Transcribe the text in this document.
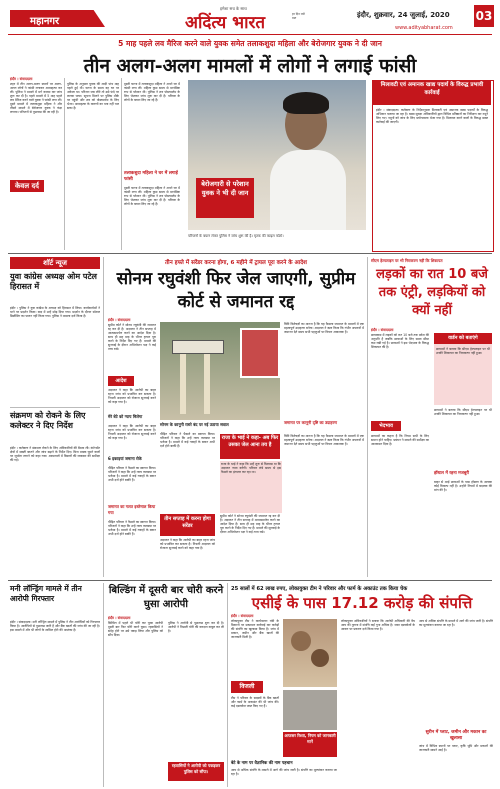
महानगर
हमेशा सच के साथ
अदिंत्य भारत	हर दिन नयी बात	इंदौर, शुक्रवार, 24 जुलाई, 2020 03
www.adityabharat.com
5 माह पहले लव मैरिज करने वाले युवक समेत तलाकशुदा महिला और बेरोजगार युवक ने दी जान
तीन अलग-अलग मामलों में लोगों ने लगाई फांसी
इंदौर । संवाददाता
शहर में तीन अलग-अलग स्थानों पर अलग-अलग लोगों ने फांसी लगाकर आत्महत्या कर ली। पुलिस ने मामले में मर्ग कायम कर जांच शुरू कर दी है। पहले मामले में 5 माह पहले लव मैरिज करने वाले युवक ने फांसी लगा ली। दूसरे मामले में तलाकशुदा महिला ने और तीसरे मामले में बेरोजगार युवक ने फंदा लगाया। परिजनों से पूछताछ की जा रही है।
केवल दर्द
पुलिस के अनुसार युवक की शादी पांच माह पहले हुई थी। घटना के समय वह घर पर अकेला था। परिजन जब लौटे तो उसे फंदे पर लटका पाया। सूचना मिलने पर पुलिस मौके पर पहुंची और शव को पोस्टमार्टम के लिए भेजा। आत्महत्या के कारणों का पता नहीं चल सका है।
दूसरी घटना में तलाकशुदा महिला ने अपने घर में फांसी लगा ली। महिला कुछ समय से मानसिक रूप से परेशान थी। पुलिस ने शव पोस्टमार्टम के लिए भेजकर जांच शुरू कर दी है। परिवार के लोगों के बयान लिए जा रहे हैं।
तलाकशुदा महिला ने घर में लगाई फांसी
दूसरी घटना में तलाकशुदा महिला ने अपने घर में फांसी लगा ली। महिला कुछ समय से मानसिक रूप से परेशान थी। पुलिस ने शव पोस्टमार्टम के लिए भेजकर जांच शुरू कर दी है। परिवार के लोगों के बयान लिए जा रहे हैं।
बेरोजगारी से परेशान युवक ने भी दी जान
परिजनों के बयान लेकर पुलिस ने जांच शुरू की है। मृतक की फाइल फोटो।
मिलावटी एवं अमानक खाद्य पदार्थ के विरुद्ध प्रभावी कार्रवाई
इंदौर । संवाददाता। कलेक्टर के निर्देशानुसार मिलावटी एवं अमानक खाद्य पदार्थों के विरुद्ध अभियान चलाया जा रहा है। खाद्य सुरक्षा अधिकारियों द्वारा विभिन्न प्रतिष्ठानों का निरीक्षण कर नमूने लिए गए। नमूनों को जांच के लिए प्रयोगशाला भेजा गया है। मिलावट करने वालों के विरुद्ध सख्त कार्रवाई की जाएगी।
शॉर्ट न्यूज
युवा कांग्रेस अध्यक्ष ओम पटेल हिरासत में
इंदौर । पुलिस ने युवा कांग्रेस के अध्यक्ष को हिरासत में लिया। कार्यकर्ताओं ने थाने पर प्रदर्शन किया। बाद में उन्हें छोड़ दिया गया। प्रदर्शन के दौरान सोशल डिस्टेंसिंग का पालन नहीं किया गया। पुलिस ने मामला दर्ज किया है।
संक्रमण को रोकने के लिए कलेक्टर ने दिए निर्देश
इंदौर । कलेक्टर ने संक्रमण रोकने के लिए अधिकारियों की बैठक ली। कंटेनमेंट क्षेत्रों में सख्ती बरतने और जांच बढ़ाने के निर्देश दिए। बिना मास्क घूमने वालों पर जुर्माना लगाने को कहा गया। अस्पतालों में बिस्तरों की व्यवस्था की समीक्षा की गई।
तीन हफ्ते में सरेंडर करना होगा, 6 महीने में ट्रायल पूरा करने के आदेश
सोनम रघुवंशी फिर जेल जाएगी, सुप्रीम कोर्ट से जमानत रद्द
इंदौर । संवाददाता
सुप्रीम कोर्ट ने सोनम रघुवंशी की जमानत रद्द कर दी है। अदालत ने तीन सप्ताह में आत्मसमर्पण करने का आदेश दिया है। साथ ही छह माह के भीतर ट्रायल पूरा करने के निर्देश दिए गए हैं। मामले की सुनवाई के दौरान अभियोजन पक्ष ने कई तथ्य रखे।
आदेश
अदालत ने कहा कि आरोपी का बाहर रहना जांच को प्रभावित कर सकता है। निचली अदालत को रोजाना सुनवाई करने को कहा गया है।
मेरे बेटे को न्याय मिलेगा
अदालत ने कहा कि आरोपी का बाहर रहना जांच को प्रभावित कर सकता है। निचली अदालत को रोजाना सुनवाई करने को कहा गया है।
6 इकाइयां जमाना रोके
पीड़ित परिवार ने फैसले का स्वागत किया। परिजनों ने कहा कि उन्हें न्याय व्यवस्था पर भरोसा है। मामले में कई गवाहों के बयान अभी दर्ज होने बाकी हैं।
जमानत का गलत इस्तेमाल किया गया
पीड़ित परिवार ने फैसले का स्वागत किया। परिजनों ने कहा कि उन्हें न्याय व्यवस्था पर भरोसा है। मामले में कई गवाहों के बयान अभी दर्ज होने बाकी हैं।
सोनम के कानूनी रास्ते बंद पर नई उठाया सवाल	जमानत पर कानूनी दृष्टि का उदाहरण
विधि विशेषज्ञों का मानना है कि यह फैसला जमानत के मामलों में एक महत्वपूर्ण उदाहरण बनेगा। अदालत ने स्पष्ट किया कि गंभीर अपराधों में जमानत देते समय सभी पहलुओं पर विचार आवश्यक है।
विधि विशेषज्ञों का मानना है कि यह फैसला जमानत के मामलों में एक महत्वपूर्ण उदाहरण बनेगा। अदालत ने स्पष्ट किया कि गंभीर अपराधों में जमानत देते समय सभी पहलुओं पर विचार आवश्यक है।
पीड़ित परिवार ने फैसले का स्वागत किया। परिजनों ने कहा कि उन्हें न्याय व्यवस्था पर भरोसा है। मामले में कई गवाहों के बयान अभी दर्ज होने बाकी हैं।
तीन सप्ताह में करना होगा सरेंडर
अदालत ने कहा कि आरोपी का बाहर रहना जांच को प्रभावित कर सकता है। निचली अदालत को रोजाना सुनवाई करने को कहा गया है।
राजा के भाई ने कहा- अब फिर उसका जेल आना तय है
राजा के भाई ने कहा कि उन्हें शुरू से विश्वास था कि अदालत न्याय करेगी। परिवार लंबे समय से इस फैसले का इंतजार कर रहा था।
सुप्रीम कोर्ट ने सोनम रघुवंशी की जमानत रद्द कर दी है। अदालत ने तीन सप्ताह में आत्मसमर्पण करने का आदेश दिया है। साथ ही छह माह के भीतर ट्रायल पूरा करने के निर्देश दिए गए हैं। मामले की सुनवाई के दौरान अभियोजन पक्ष ने कई तथ्य रखे।
सीएम हेल्पलाइन पर भी निराकरण नहीं कि शिकायत
लड़कों का रात 10 बजे तक एंट्री, लड़कियों को क्यों नहीं
इंदौर । संवाददाता
छात्रावास में लड़कों को रात 10 बजे तक प्रवेश की अनुमति है जबकि छात्राओं के लिए समय सीमा कम रखी गई है। छात्राओं ने इस भेदभाव के विरुद्ध शिकायत की है।
भेदभाव
छात्राओं का कहना है कि नियम सभी के लिए समान होने चाहिए। प्रबंधन ने मामले की समीक्षा का आश्वासन दिया है।
वार्डन को बताएंगे
छात्राओं ने बताया कि सीएम हेल्पलाइन पर भी उनकी शिकायत का निराकरण नहीं हुआ।
छात्राओं ने बताया कि सीएम हेल्पलाइन पर भी उनकी शिकायत का निराकरण नहीं हुआ।
हॉस्टल में रहना मजबूरी
बाहर से आई छात्राओं के पास हॉस्टल के अलावा कोई विकल्प नहीं है। उन्होंने नियमों में बदलाव की मांग की है।
मनी लॉन्ड्रिंग मामले में तीन आरोपी गिरफ्तार
इंदौर । संवाददाता। मनी लॉन्ड्रिंग मामले में पुलिस ने तीन आरोपियों को गिरफ्तार किया है। आरोपियों से पूछताछ जारी है और बैंक खातों की जांच की जा रही है। इस मामले में और भी लोगों के शामिल होने की आशंका है।
बिल्डिंग में दूसरी बार चोरी करने घुसा आरोपी
इंदौर । संवाददाता
बिल्डिंग में पहले भी चोरी कर चुका आरोपी दूसरी बार फिर चोरी करने घुसा। रहवासियों ने संदेह होने पर उसे पकड़ लिया और पुलिस को सौंप दिया।
पुलिस ने आरोपी से पूछताछ शुरू कर दी है। आरोपी ने पिछली चोरी की वारदात कबूल कर ली है।
रहवासियों ने आरोपी को पकड़कर पुलिस को सौंपा।
25 सालों में 62 लाख रुपए, लोकायुक्त टीम ने परिवार और फार्म के अकाउंट तक किया चेक
एसीई के पास 17.12 करोड़ की संपत्ति
इंदौर । संवाददाता
लोकायुक्त टीम ने कार्यपालन यंत्री के ठिकानों पर छापामार कार्रवाई कर करोड़ों की संपत्ति का खुलासा किया है। जांच में मकान, जमीन और बैंक खातों की जानकारी मिली है।
विजली
टीम ने परिवार के सदस्यों के बैंक खातों और फार्म के अकाउंट की भी जांच की। कई दस्तावेज जब्त किए गए हैं।
बेटे के नाम पर वैज्ञानिक की नाम पहचान
आय से अधिक संपत्ति के मामले में आगे की जांच जारी है। संपत्ति का मूल्यांकन कराया जा रहा है।
आफसर रिश्ता, नियम को जानकारी मानें
लोकायुक्त अधिकारियों ने बताया कि आरोपी अधिकारी की वैध आय की तुलना में संपत्ति कई गुना अधिक है। जब्त दस्तावेजों के आधार पर प्रकरण दर्ज किया गया है।
आय से अधिक संपत्ति के मामले में आगे की जांच जारी है। संपत्ति का मूल्यांकन कराया जा रहा है।
सुरीन में प्लाट, जमीन और मकान का खुलासा
जांच में विभिन्न स्थानों पर प्लाट, कृषि भूमि और मकानों की जानकारी सामने आई है।
